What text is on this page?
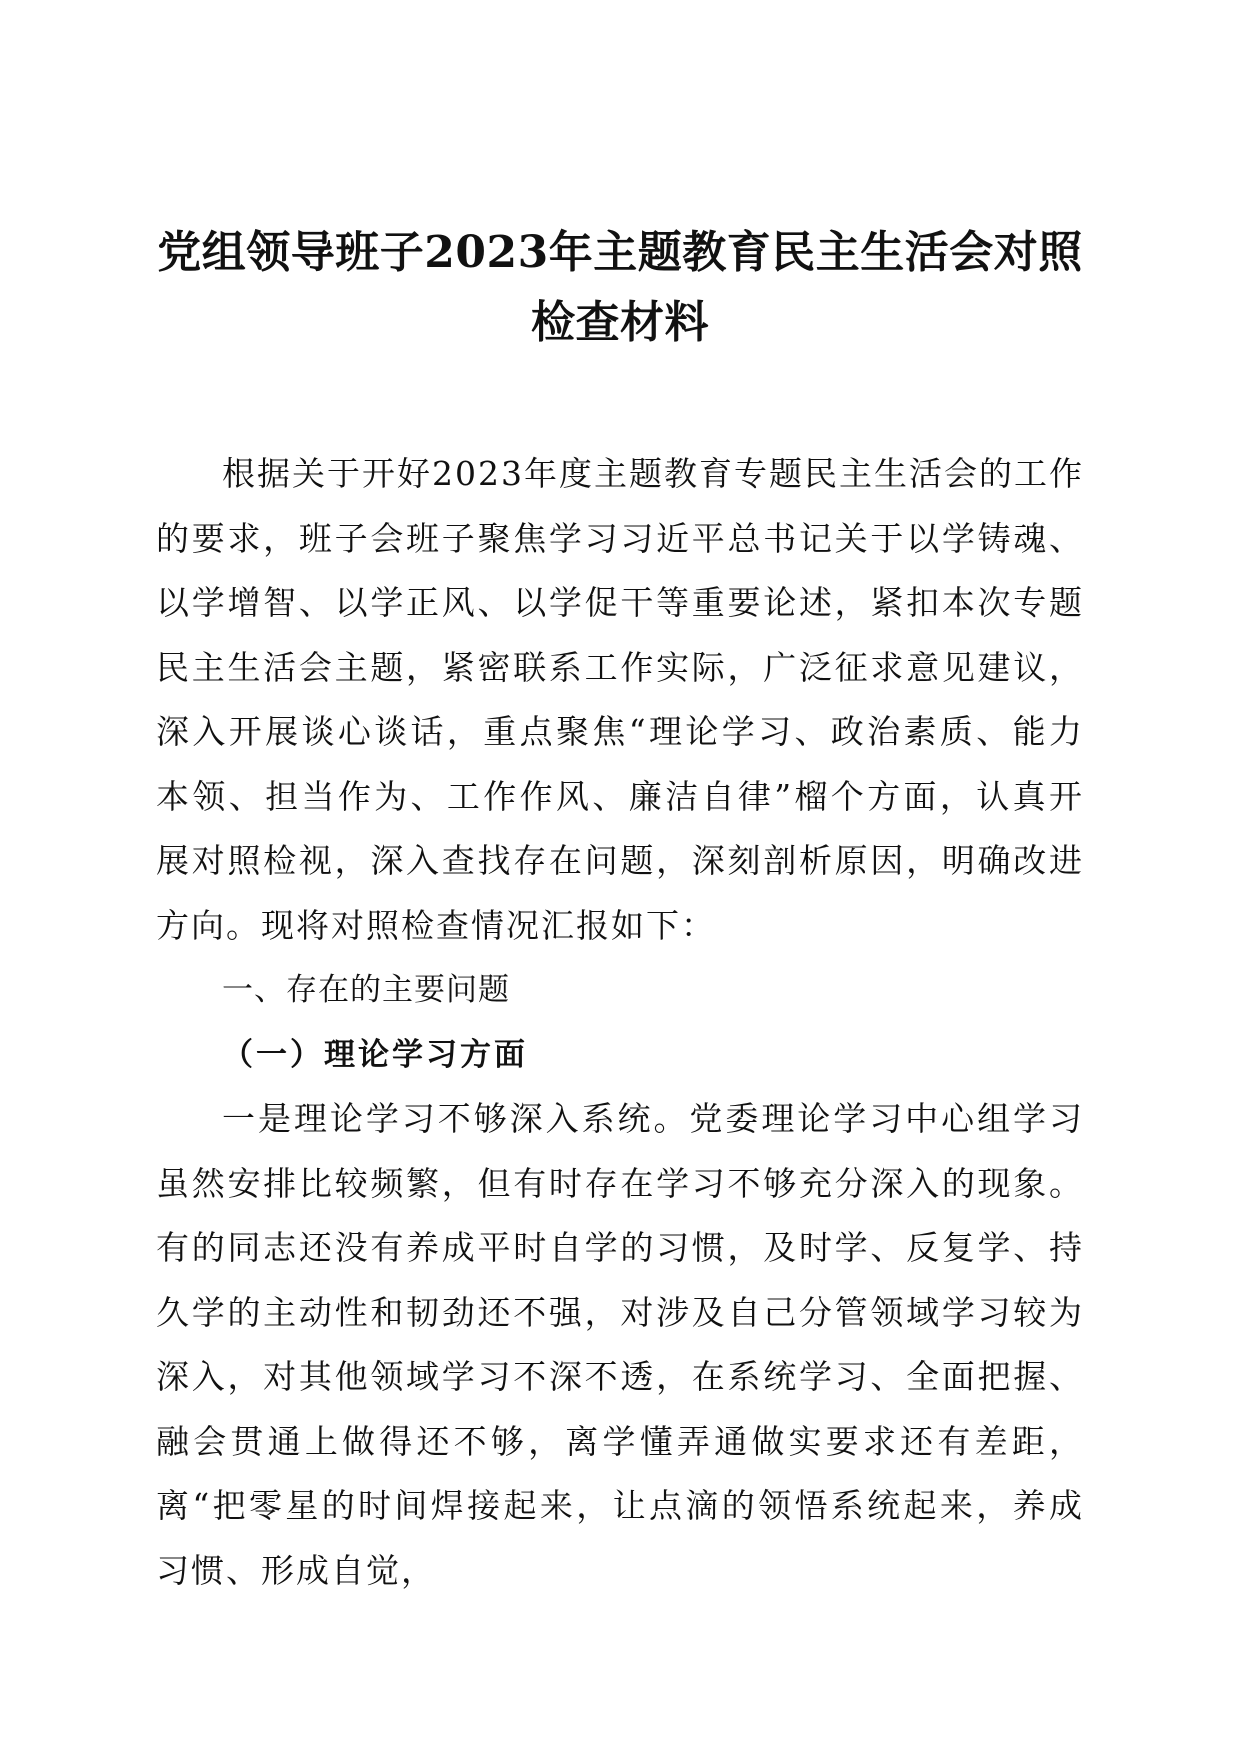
党组领导班子2023年主题教育民主生活会对照检查材料

根据关于开好2023年度主题教育专题民主生活会的工作的要求，班子会班子聚焦学习习近平总书记关于以学铸魂、以学增智、以学正风、以学促干等重要论述，紧扣本次专题民主生活会主题，紧密联系工作实际，广泛征求意见建议，深入开展谈心谈话，重点聚焦“理论学习、政治素质、能力本领、担当作为、工作作风、廉洁自律”榴个方面，认真开展对照检视，深入查找存在问题，深刻剖析原因，明确改进方向。现将对照检查情况汇报如下：

一、存在的主要问题

（一）理论学习方面

一是理论学习不够深入系统。党委理论学习中心组学习虽然安排比较频繁，但有时存在学习不够充分深入的现象。有的同志还没有养成平时自学的习惯，及时学、反复学、持久学的主动性和韧劲还不强，对涉及自己分管领域学习较为深入，对其他领域学习不深不透，在系统学习、全面把握、融会贯通上做得还不够，离学懂弄通做实要求还有差距，离“把零星的时间焊接起来，让点滴的领悟系统起来，养成习惯、形成自觉，
